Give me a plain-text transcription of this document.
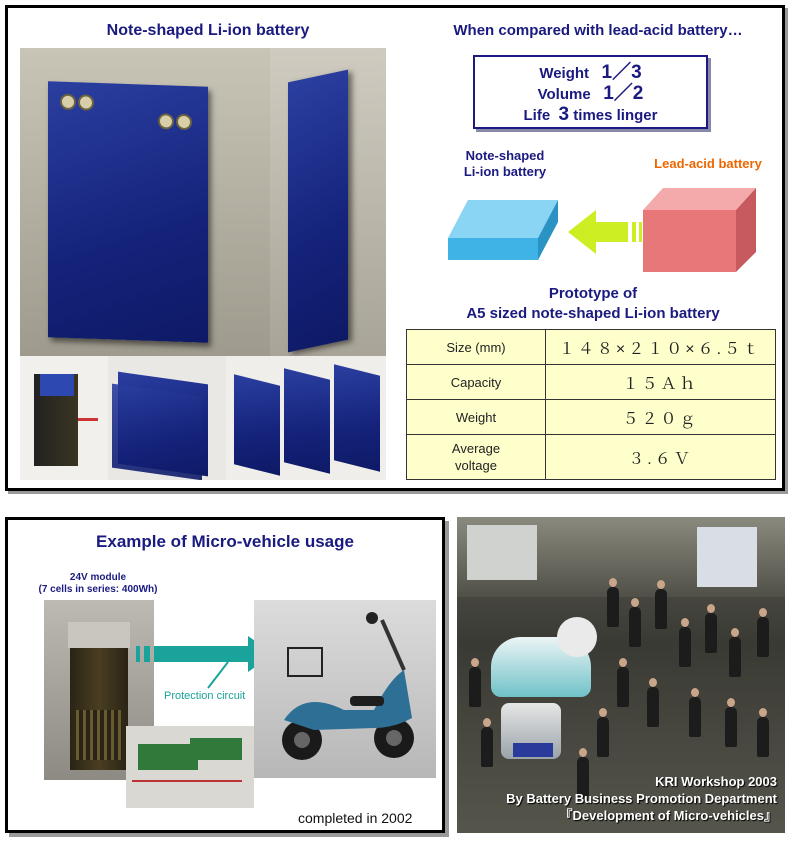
Note-shaped Li-ion battery	When compared with lead-acid battery…
Weight 1／3
Volume 1／2
Life 3 times linger
Note-shaped
Li-ion battery
Lead-acid battery
Prototype of
A5 sized note-shaped Li-ion battery
Size (mm)	１４８×２１０×６.５ｔ
Capacity	１５Ａｈ
Weight	５２０ｇ

Average
voltage	３.６Ｖ
Example of Micro-vehicle usage
24V module
(7 cells in series: 400Wh)
Protection circuit
completed in 2002
KRI Workshop 2003
By Battery Business Promotion Department
『Development of Micro-vehicles』
